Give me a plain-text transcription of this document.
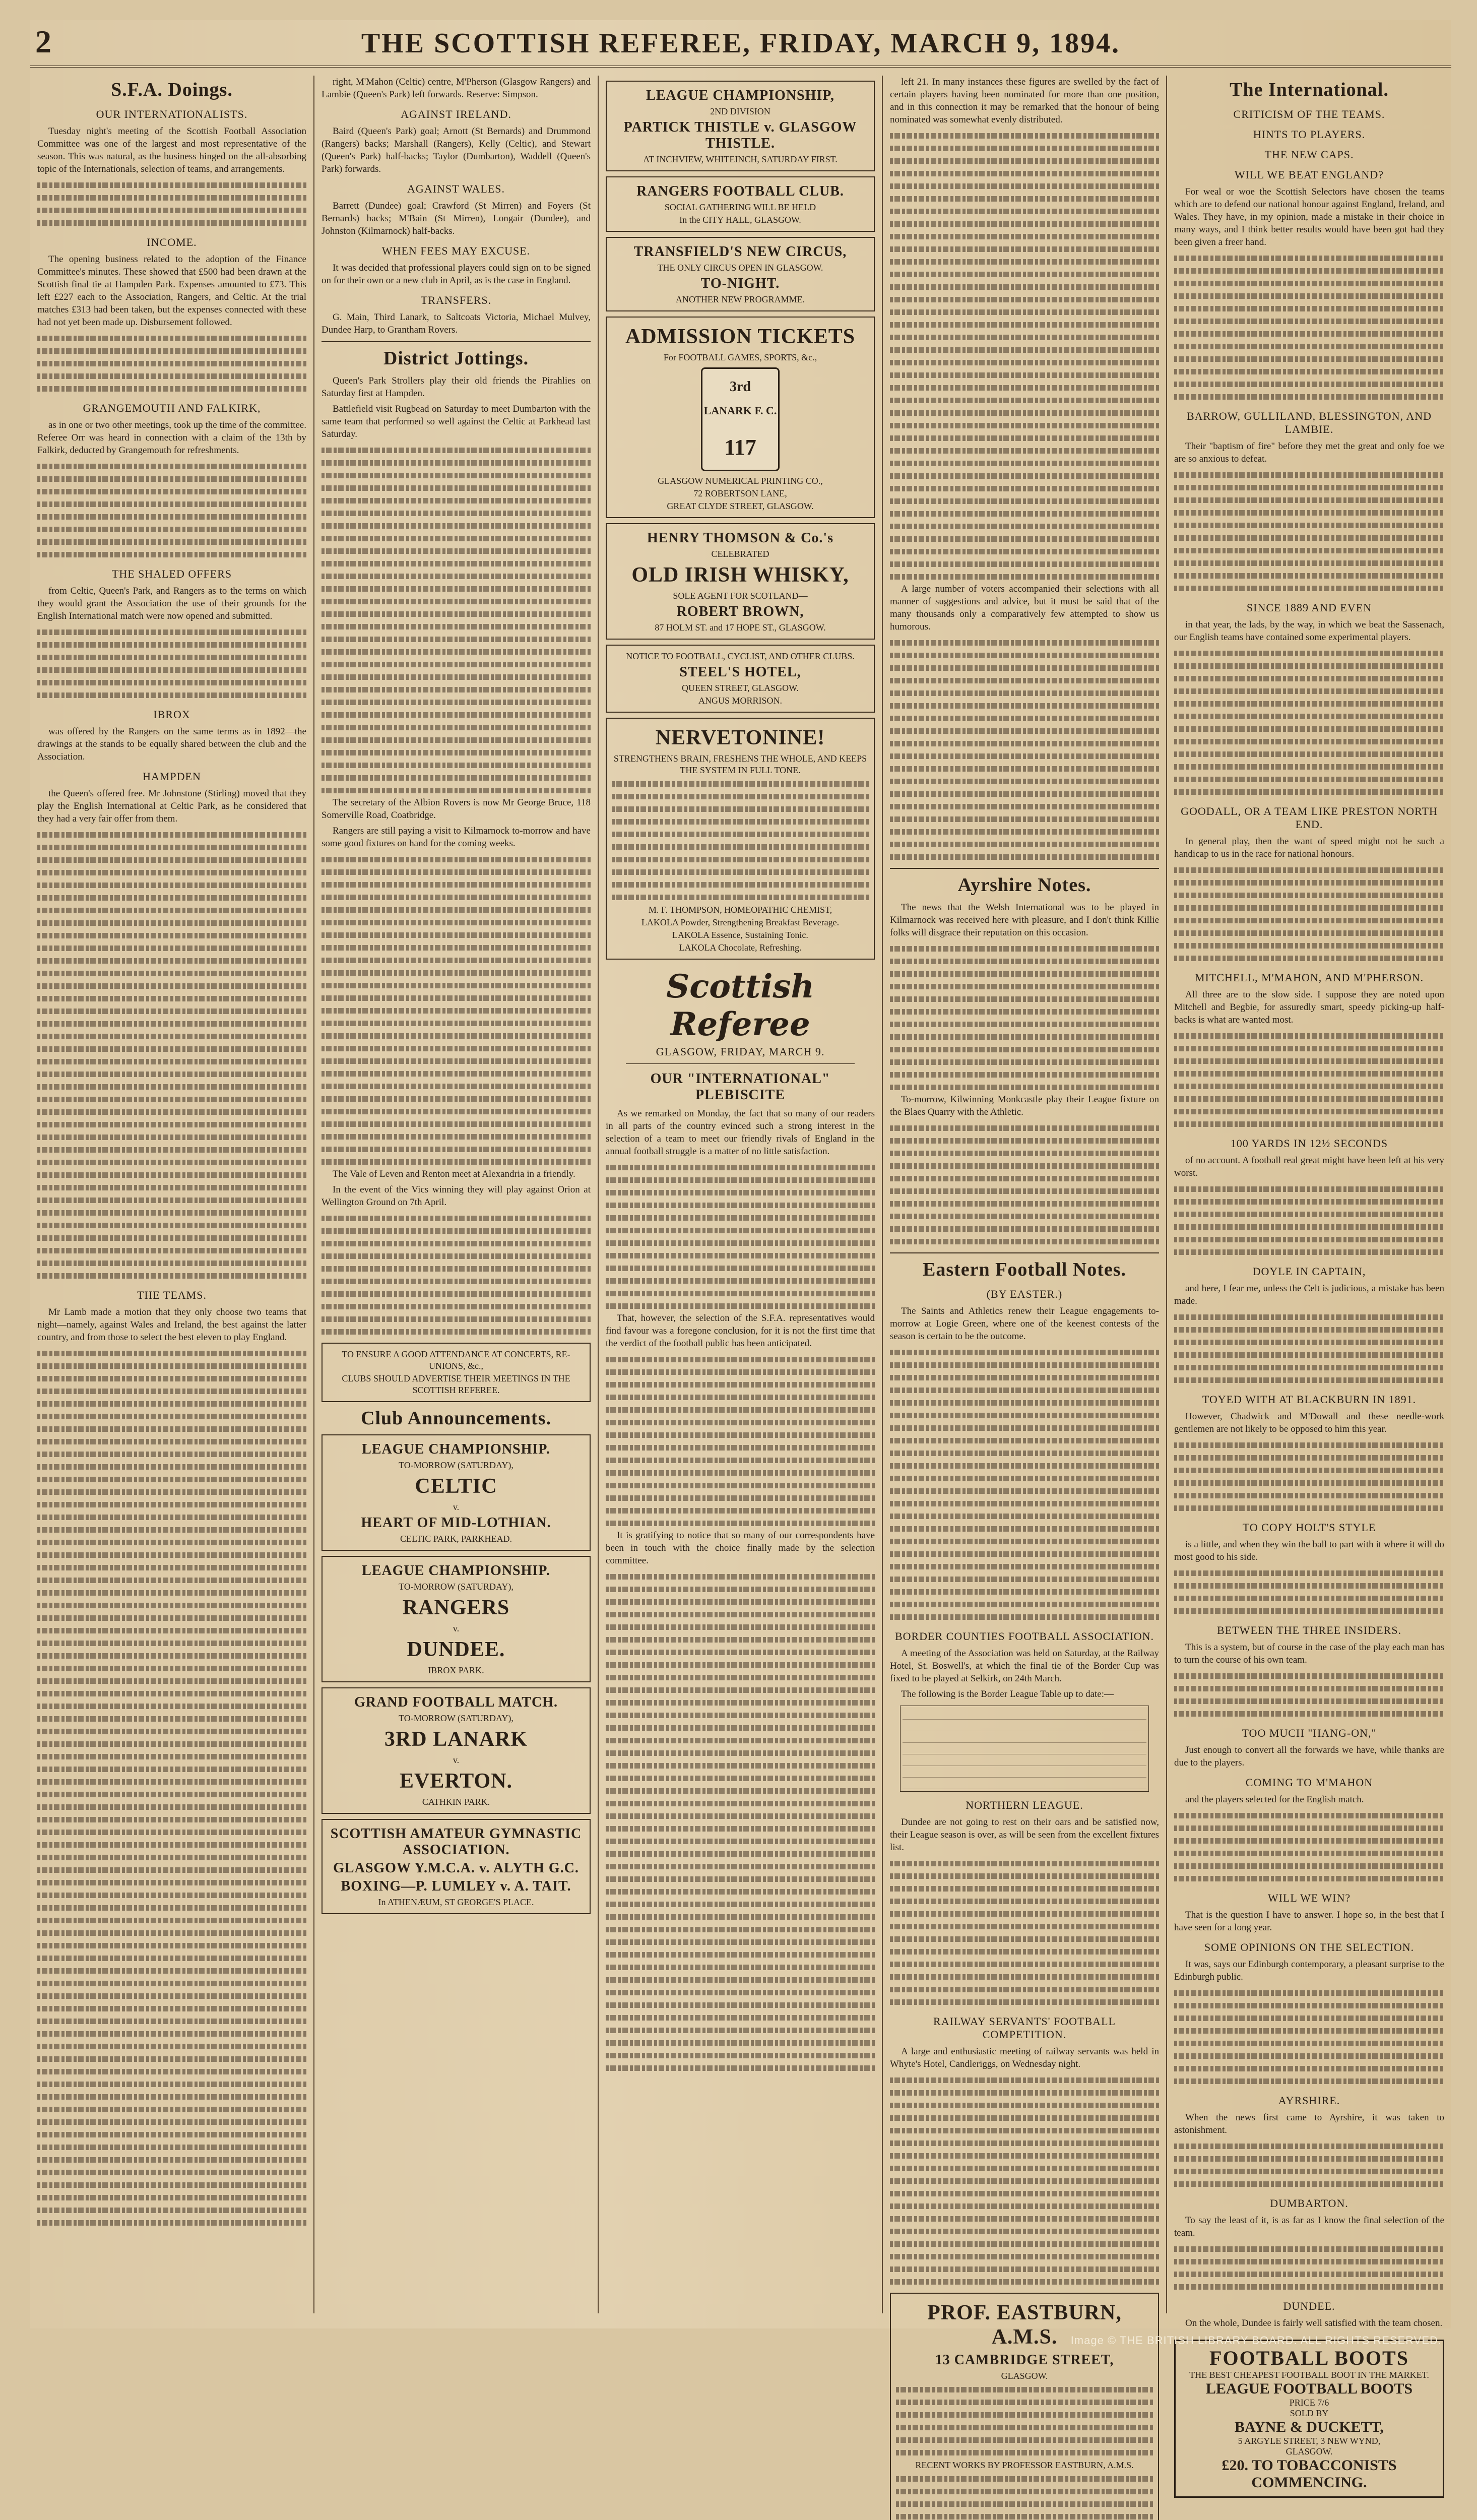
2	THE SCOTTISH REFEREE, FRIDAY, MARCH 9, 1894.
S.F.A. Doings.
OUR INTERNATIONALISTS.

Tuesday night's meeting of the Scottish Football Association Committee was one of the largest and most representative of the season. This was natural, as the business hinged on the all-absorbing topic of the Internationals, selection of teams, and arrangements.

INCOME.

The opening business related to the adoption of the Finance Committee's minutes. These showed that £500 had been drawn at the Scottish final tie at Hampden Park. Expenses amounted to £73. This left £227 each to the Association, Rangers, and Celtic. At the trial matches £313 had been taken, but the expenses connected with these had not yet been made up. Disbursement followed.

GRANGEMOUTH AND FALKIRK,

as in one or two other meetings, took up the time of the committee. Referee Orr was heard in connection with a claim of the 13th by Falkirk, deducted by Grangemouth for refreshments.

THE SHALED OFFERS

from Celtic, Queen's Park, and Rangers as to the terms on which they would grant the Association the use of their grounds for the English International match were now opened and submitted.

IBROX

was offered by the Rangers on the same terms as in 1892—the drawings at the stands to be equally shared between the club and the Association.

HAMPDEN

the Queen's offered free. Mr Johnstone (Stirling) moved that they play the English International at Celtic Park, as he considered that they had a very fair offer from them.

THE TEAMS.

Mr Lamb made a motion that they only choose two teams that night—namely, against Wales and Ireland, the best against the latter country, and from those to select the best eleven to play England.

right, M'Mahon (Celtic) centre, M'Pherson (Glasgow Rangers) and Lambie (Queen's Park) left forwards. Reserve: Simpson.

AGAINST IRELAND.

Baird (Queen's Park) goal; Arnott (St Bernards) and Drummond (Rangers) backs; Marshall (Rangers), Kelly (Celtic), and Stewart (Queen's Park) half-backs; Taylor (Dumbarton), Waddell (Queen's Park) forwards.

AGAINST WALES.

Barrett (Dundee) goal; Crawford (St Mirren) and Foyers (St Bernards) backs; M'Bain (St Mirren), Longair (Dundee), and Johnston (Kilmarnock) half-backs.

WHEN FEES MAY EXCUSE.

It was decided that professional players could sign on to be signed on for their own or a new club in April, as is the case in England.

TRANSFERS.

G. Main, Third Lanark, to Saltcoats Victoria, Michael Mulvey, Dundee Harp, to Grantham Rovers.

District Jottings.

Queen's Park Strollers play their old friends the Pirahlies on Saturday first at Hampden.

Battlefield visit Rugbead on Saturday to meet Dumbarton with the same team that performed so well against the Celtic at Parkhead last Saturday.

The secretary of the Albion Rovers is now Mr George Bruce, 118 Somerville Road, Coatbridge.

Rangers are still paying a visit to Kilmarnock to-morrow and have some good fixtures on hand for the coming weeks.

The Vale of Leven and Renton meet at Alexandria in a friendly.

In the event of the Vics winning they will play against Orion at Wellington Ground on 7th April.

TO ENSURE A GOOD ATTENDANCE AT CONCERTS, RE-UNIONS, &c.,
CLUBS SHOULD ADVERTISE THEIR MEETINGS IN THE SCOTTISH REFEREE.
Club Announcements.
LEAGUE CHAMPIONSHIP.
TO-MORROW (SATURDAY),
CELTIC
v.
HEART OF MID-LOTHIAN.
CELTIC PARK, PARKHEAD.
LEAGUE CHAMPIONSHIP.
TO-MORROW (SATURDAY),
RANGERS
v.
DUNDEE.
IBROX PARK.
GRAND FOOTBALL MATCH.
TO-MORROW (SATURDAY),
3RD LANARK
v.
EVERTON.
CATHKIN PARK.
SCOTTISH AMATEUR GYMNASTIC ASSOCIATION.
GLASGOW Y.M.C.A. v. ALYTH G.C.
BOXING—P. LUMLEY v. A. TAIT.
In ATHENÆUM, ST GEORGE'S PLACE.
LEAGUE CHAMPIONSHIP,
2ND DIVISION
PARTICK THISTLE v. GLASGOW THISTLE.
AT INCHVIEW, WHITEINCH, SATURDAY FIRST.
RANGERS FOOTBALL CLUB.
SOCIAL GATHERING WILL BE HELD
In the CITY HALL, GLASGOW.
TRANSFIELD'S NEW CIRCUS,
THE ONLY CIRCUS OPEN IN GLASGOW.
TO-NIGHT.
ANOTHER NEW PROGRAMME.
ADMISSION TICKETS
For FOOTBALL GAMES, SPORTS, &c.,
3rd
LANARK F. C.
117
GLASGOW NUMERICAL PRINTING CO.,
72 ROBERTSON LANE,
GREAT CLYDE STREET, GLASGOW.
HENRY THOMSON & Co.'s
CELEBRATED
OLD IRISH WHISKY,
SOLE AGENT FOR SCOTLAND—
ROBERT BROWN,
87 HOLM ST. and 17 HOPE ST., GLASGOW.
NOTICE TO FOOTBALL, CYCLIST, AND OTHER CLUBS.
STEEL'S HOTEL,
QUEEN STREET, GLASGOW.
ANGUS MORRISON.
NERVETONINE!
STRENGTHENS BRAIN, FRESHENS THE WHOLE, AND KEEPS THE SYSTEM IN FULL TONE.
M. F. THOMPSON, HOMEOPATHIC CHEMIST,
LAKOLA Powder, Strengthening Breakfast Beverage.
LAKOLA Essence, Sustaining Tonic.
LAKOLA Chocolate, Refreshing.
Scottish Referee
GLASGOW, FRIDAY, MARCH 9.
OUR "INTERNATIONAL" PLEBISCITE

As we remarked on Monday, the fact that so many of our readers in all parts of the country evinced such a strong interest in the selection of a team to meet our friendly rivals of England in the annual football struggle is a matter of no little satisfaction.

That, however, the selection of the S.F.A. representatives would find favour was a foregone conclusion, for it is not the first time that the verdict of the football public has been anticipated.

It is gratifying to notice that so many of our correspondents have been in touch with the choice finally made by the selection committee.

left 21. In many instances these figures are swelled by the fact of certain players having been nominated for more than one position, and in this connection it may be remarked that the honour of being nominated was somewhat evenly distributed.

A large number of voters accompanied their selections with all manner of suggestions and advice, but it must be said that of the many thousands only a comparatively few attempted to show us humorous.

Ayrshire Notes.

The news that the Welsh International was to be played in Kilmarnock was received here with pleasure, and I don't think Killie folks will disgrace their reputation on this occasion.

To-morrow, Kilwinning Monkcastle play their League fixture on the Blaes Quarry with the Athletic.

Eastern Football Notes.
(BY EASTER.)

The Saints and Athletics renew their League engagements to-morrow at Logie Green, where one of the keenest contests of the season is certain to be the outcome.

BORDER COUNTIES FOOTBALL ASSOCIATION.

A meeting of the Association was held on Saturday, at the Railway Hotel, St. Boswell's, at which the final tie of the Border Cup was fixed to be played at Selkirk, on 24th March.

The following is the Border League Table up to date:—

NORTHERN LEAGUE.

Dundee are not going to rest on their oars and be satisfied now, their League season is over, as will be seen from the excellent fixtures list.

RAILWAY SERVANTS' FOOTBALL COMPETITION.

A large and enthusiastic meeting of railway servants was held in Whyte's Hotel, Candleriggs, on Wednesday night.

PROF. EASTBURN, A.M.S.
13 CAMBRIDGE STREET,
GLASGOW.
RECENT WORKS BY PROFESSOR EASTBURN, A.M.S.
The International.
CRITICISM OF THE TEAMS.
HINTS TO PLAYERS.
THE NEW CAPS.
WILL WE BEAT ENGLAND?

For weal or woe the Scottish Selectors have chosen the teams which are to defend our national honour against England, Ireland, and Wales. They have, in my opinion, made a mistake in their choice in many ways, and I think better results would have been got had they been given a freer hand.

BARROW, GULLILAND, BLESSINGTON, AND LAMBIE.

Their "baptism of fire" before they met the great and only foe we are so anxious to defeat.

SINCE 1889 AND EVEN

in that year, the lads, by the way, in which we beat the Sassenach, our English teams have contained some experimental players.

GOODALL, OR A TEAM LIKE PRESTON NORTH END.

In general play, then the want of speed might not be such a handicap to us in the race for national honours.

MITCHELL, M'MAHON, AND M'PHERSON.

All three are to the slow side. I suppose they are noted upon Mitchell and Begbie, for assuredly smart, speedy picking-up half-backs is what are wanted most.

100 YARDS IN 12½ SECONDS

of no account. A football real great might have been left at his very worst.

DOYLE IN CAPTAIN,

and here, I fear me, unless the Celt is judicious, a mistake has been made.

TOYED WITH AT BLACKBURN IN 1891.

However, Chadwick and M'Dowall and these needle-work gentlemen are not likely to be opposed to him this year.

TO COPY HOLT'S STYLE

is a little, and when they win the ball to part with it where it will do most good to his side.

BETWEEN THE THREE INSIDERS.

This is a system, but of course in the case of the play each man has to turn the course of his own team.

TOO MUCH "HANG-ON,"

Just enough to convert all the forwards we have, while thanks are due to the players.

COMING TO M'MAHON

and the players selected for the English match.

WILL WE WIN?

That is the question I have to answer. I hope so, in the best that I have seen for a long year.

SOME OPINIONS ON THE SELECTION.

It was, says our Edinburgh contemporary, a pleasant surprise to the Edinburgh public.

AYRSHIRE.

When the news first came to Ayrshire, it was taken to astonishment.

DUMBARTON.

To say the least of it, is as far as I know the final selection of the team.

DUNDEE.

On the whole, Dundee is fairly well satisfied with the team chosen.

FOOTBALL BOOTS
THE BEST CHEAPEST FOOTBALL BOOT IN THE MARKET.
LEAGUE FOOTBALL BOOTS
PRICE 7/6
SOLD BY
BAYNE & DUCKETT,
5 ARGYLE STREET, 3 NEW WYND,
GLASGOW.
£20. TO TOBACCONISTS COMMENCING.
Image © THE BRITISH LIBRARY BOARD. ALL RIGHTS RESERVED.
